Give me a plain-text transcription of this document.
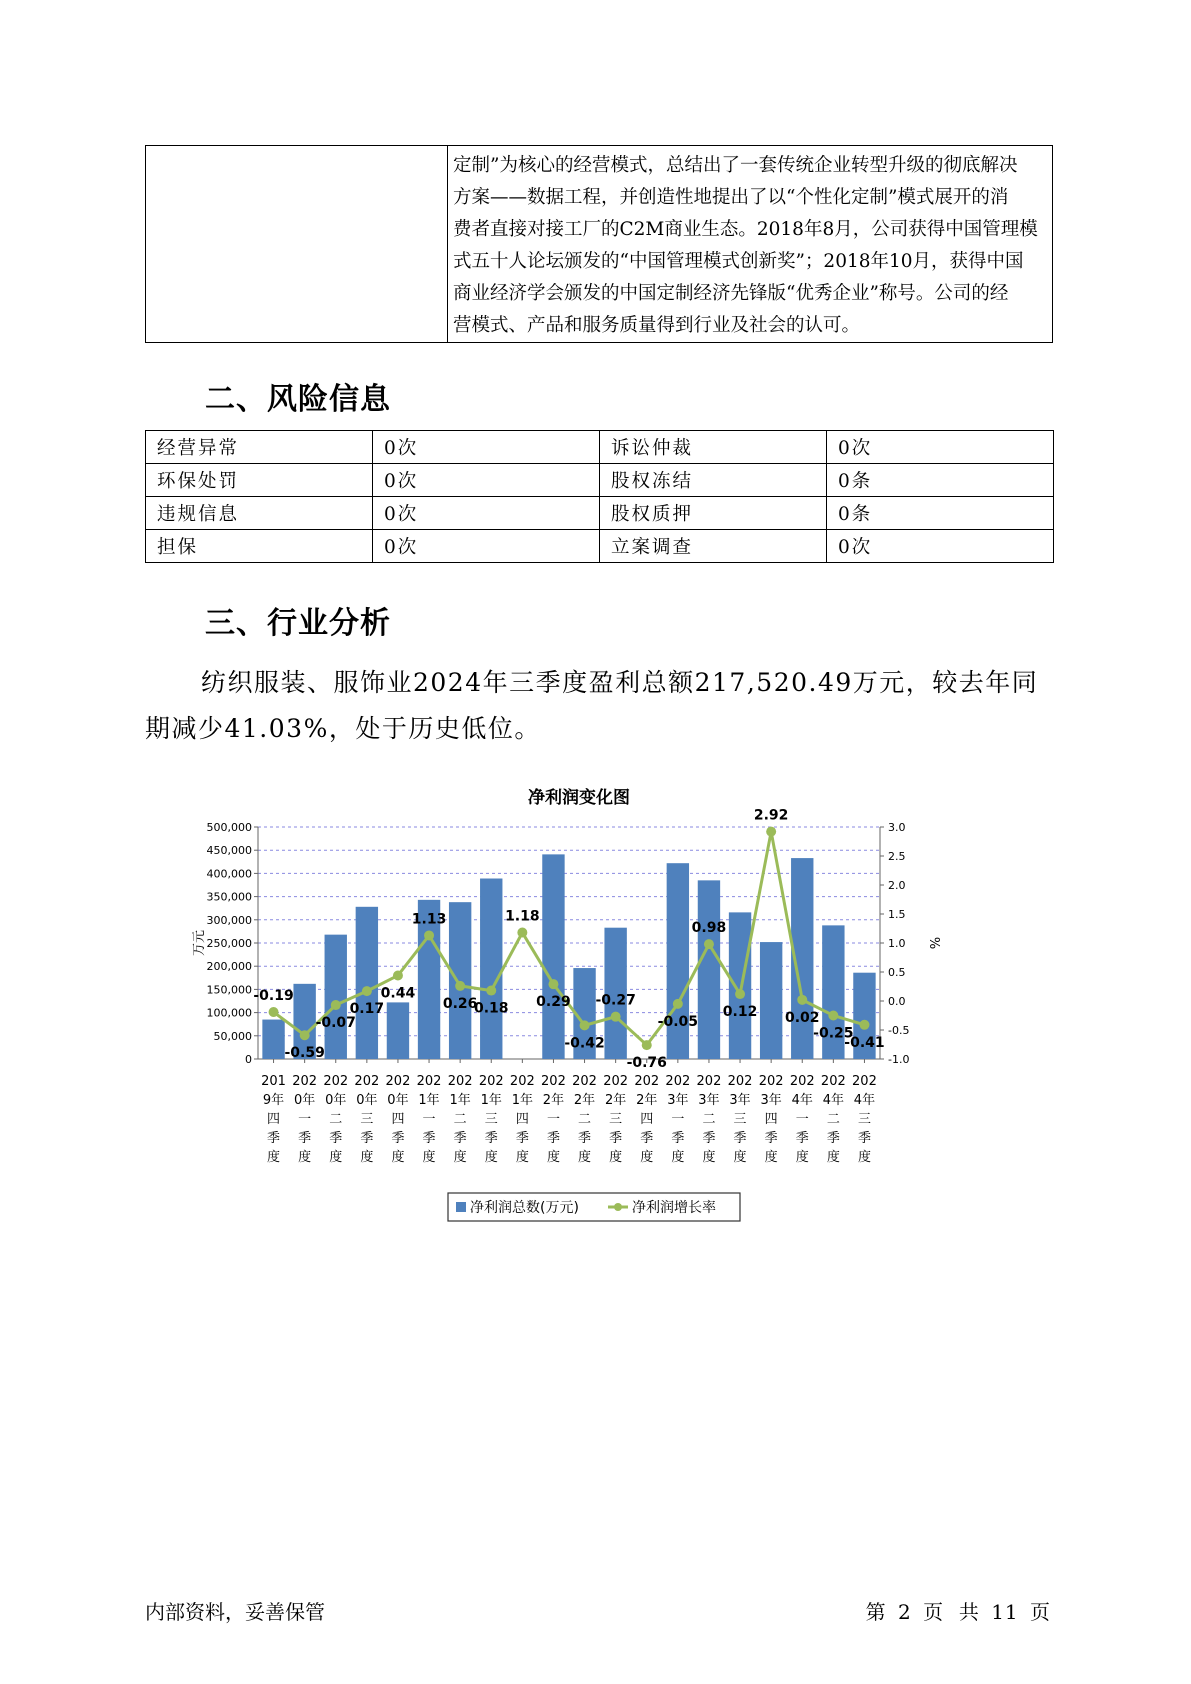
定制”为核心的经营模式，总结出了一套传统企业转型升级的彻底解决
方案——数据工程，并创造性地提出了以“个性化定制”模式展开的消
费者直接对接工厂的C2M商业生态。2018年8月，公司获得中国管理模
式五十人论坛颁发的“中国管理模式创新奖”；2018年10月，获得中国
商业经济学会颁发的中国定制经济先锋版“优秀企业”称号。公司的经
营模式、产品和服务质量得到行业及社会的认可。
二、风险信息
经营异常	0次	诉讼仲裁	0次
环保处罚	0次	股权冻结	0条
违规信息	0次	股权质押	0条
担保	0次	立案调查	0次
三、行业分析
纺织服装、服饰业2024年三季度盈利总额217,520.49万元，较去年同
期减少41.03%，处于历史低位。
净利润变化图
0
50,000
100,000
150,000
200,000
250,000
300,000
350,000
400,000
450,000
500,000
-1.0
-0.5
0.0
0.5
1.0
1.5
2.0
2.5
3.0
万元	%
-0.19
-0.59
-0.07
0.17
0.44
1.13
0.26
0.18
1.18
0.29
-0.42
-0.27
-0.76
-0.05
0.98
0.12
2.92
0.02
-0.25
-0.41
201
9年
四
季
度
202
0年
一
季
度
202
0年
二
季
度
202
0年
三
季
度
202
0年
四
季
度
202
1年
一
季
度
202
1年
二
季
度
202
1年
三
季
度
202
1年
四
季
度
202
2年
一
季
度
202
2年
二
季
度
202
2年
三
季
度
202
2年
四
季
度
202
3年
一
季
度
202
3年
二
季
度
202
3年
三
季
度
202
3年
四
季
度
202
4年
一
季
度
202
4年
二
季
度
202
4年
三
季
度
净利润总数(万元)	净利润增长率
内部资料，妥善保管	第 2 页  共 11 页
